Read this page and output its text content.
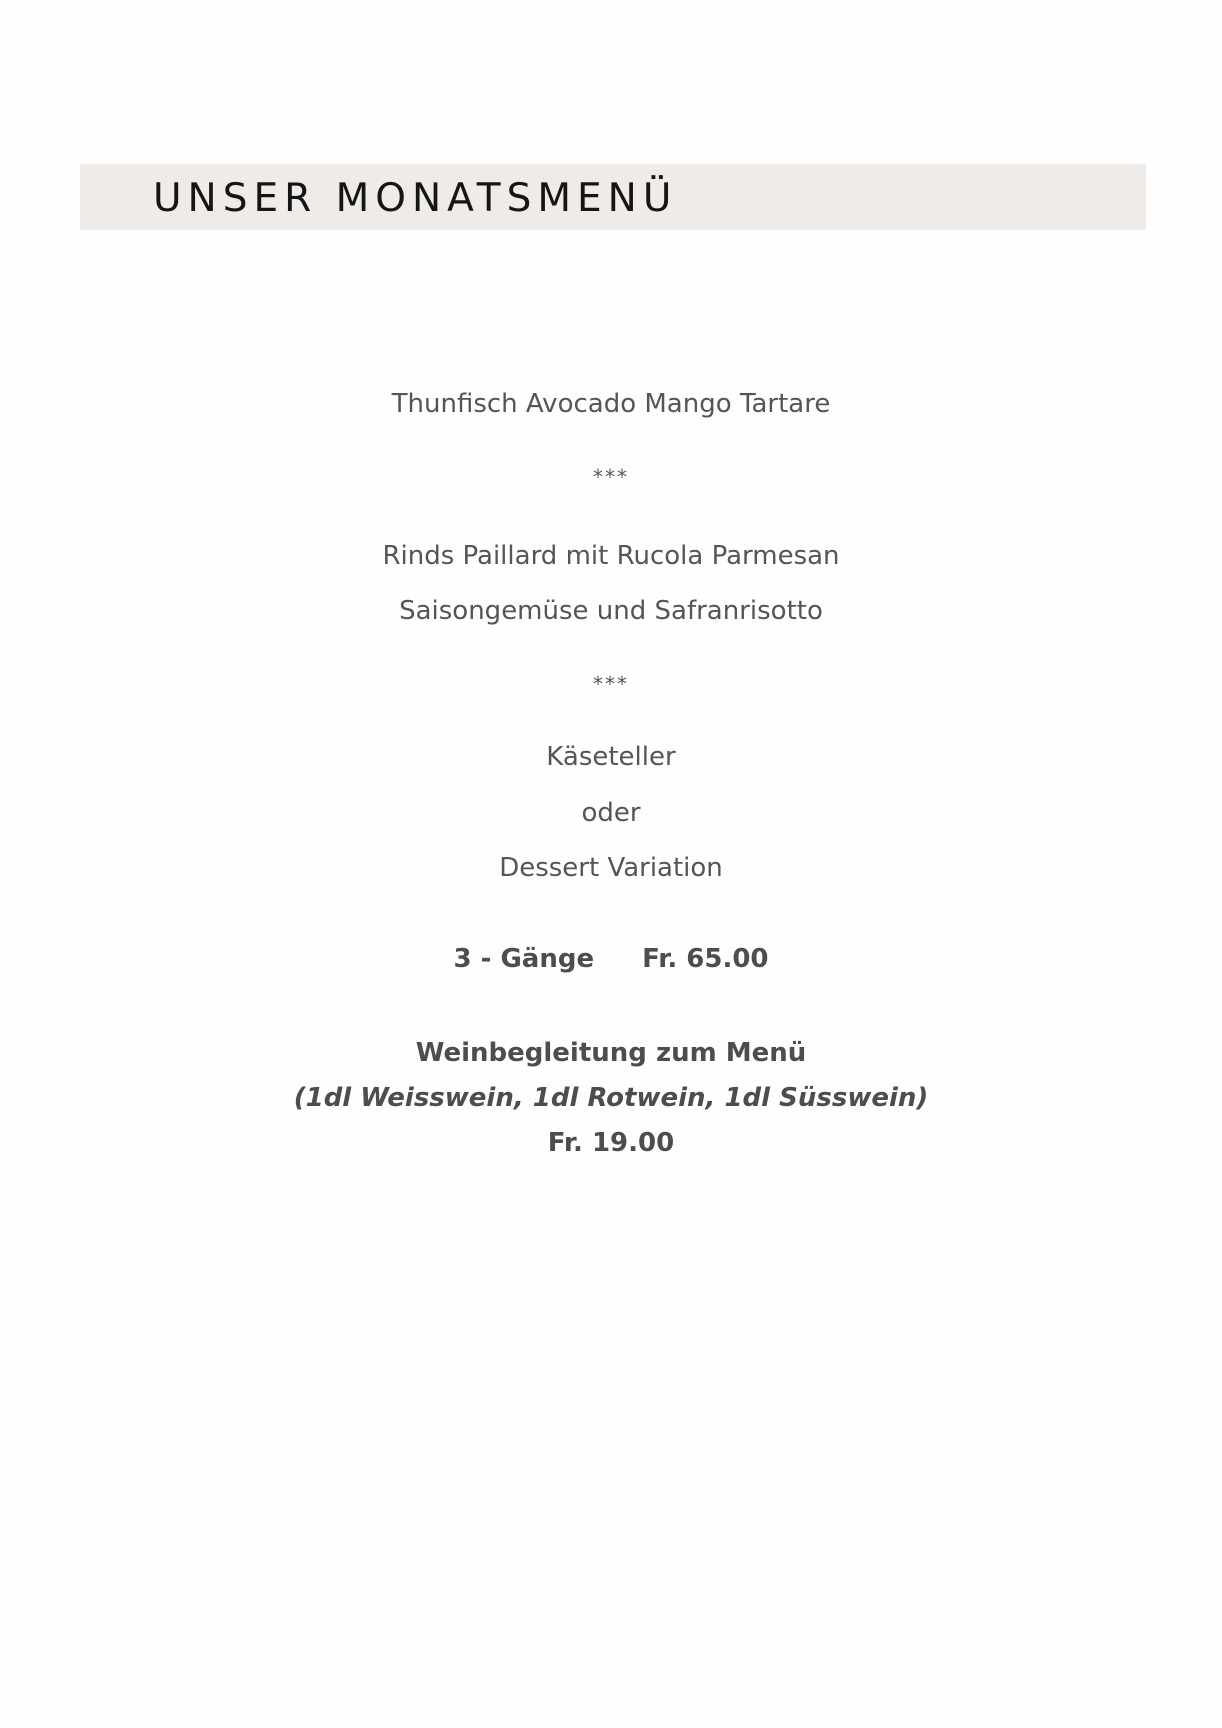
UNSER MONATSMENÜ
Thunfisch Avocado Mango Tartare
***
Rinds Paillard mit Rucola Parmesan
Saisongemüse und Safranrisotto
***
Käseteller
oder
Dessert Variation
3 - Gänge Fr. 65.00
Weinbegleitung zum Menü
(1dl Weisswein, 1dl Rotwein, 1dl Süsswein)
Fr. 19.00
